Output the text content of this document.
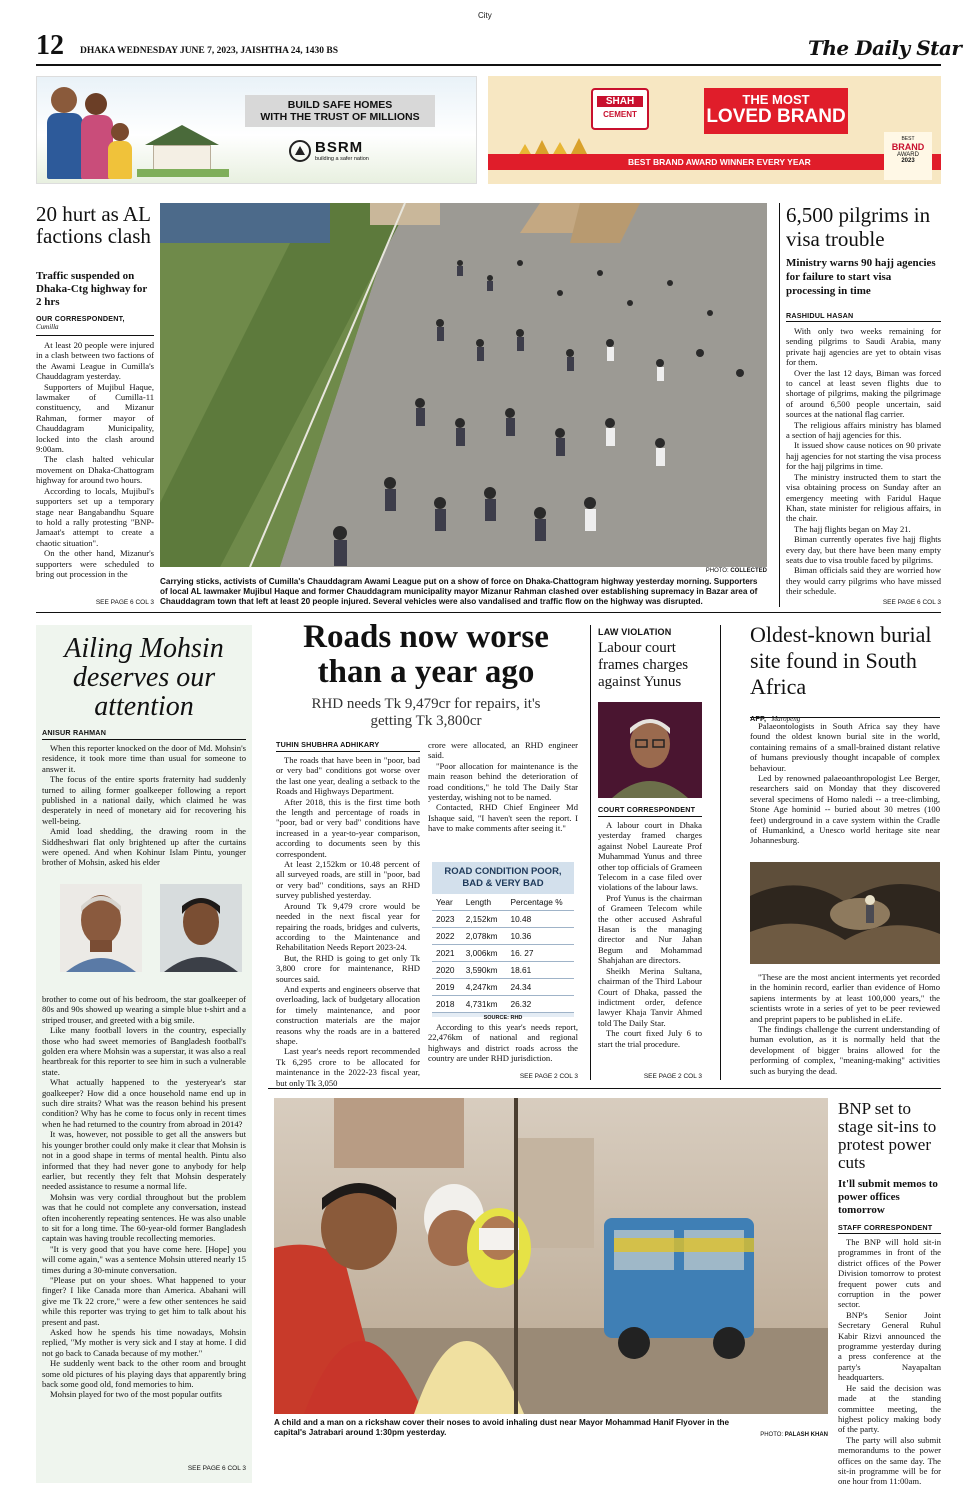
City
12 DHAKA WEDNESDAY JUNE 7, 2023, JAISHTHA 24, 1430 BS	The Daily Star
BUILD SAFE HOMES
WITH THE TRUST OF MILLIONS
BSRM
building a safer nation
SHAH
CEMENT
THE MOST
LOVED BRAND
BEST BRAND AWARD WINNER EVERY YEAR
BEST
BRAND
AWARD
2023
20 hurt as AL factions clash
Traffic suspended on Dhaka-Ctg highway for 2 hrs
OUR CORRESPONDENT,
Cumilla

At least 20 people were injured in a clash between two factions of the Awami League in Cumilla's Chauddagram yesterday.

Supporters of Mujibul Haque, lawmaker of Cumilla-11 constituency, and Mizanur Rahman, former mayor of Chauddagram Municipality, locked into the clash around 9:00am.

The clash halted vehicular movement on Dhaka-Chattogram highway for around two hours.

According to locals, Mujibul's supporters set up a temporary stage near Bangabandhu Square to hold a rally protesting "BNP-Jamaat's attempt to create a chaotic situation".

On the other hand, Mizanur's supporters were scheduled to bring out procession in the

SEE PAGE 6 COL 3
PHOTO: COLLECTED
Carrying sticks, activists of Cumilla's Chauddagram Awami League put on a show of force on Dhaka-Chattogram highway yesterday morning. Supporters of local AL lawmaker Mujibul Haque and former Chauddagram municipality mayor Mizanur Rahman clashed over establishing supremacy in Bazar area of Chauddagram town that left at least 20 people injured. Several vehicles were also vandalised and traffic flow on the highway was disrupted.
6,500 pilgrims in visa trouble
Ministry warns 90 hajj agencies for failure to start visa processing in time
RASHIDUL HASAN

With only two weeks remaining for sending pilgrims to Saudi Arabia, many private hajj agencies are yet to obtain visas for them.

Over the last 12 days, Biman was forced to cancel at least seven flights due to shortage of pilgrims, making the pilgrimage of around 6,500 people uncertain, said sources at the national flag carrier.

The religious affairs ministry has blamed a section of hajj agencies for this.

It issued show cause notices on 90 private hajj agencies for not starting the visa process for the hajj pilgrims in time.

The ministry instructed them to start the visa obtaining process on Sunday after an emergency meeting with Faridul Haque Khan, state minister for religious affairs, in the chair.

The hajj flights began on May 21.

Biman currently operates five hajj flights every day, but there have been many empty seats due to visa trouble faced by pilgrims.

Biman officials said they are worried how they would carry pilgrims who have missed their schedule.

SEE PAGE 6 COL 3
Ailing Mohsin deserves our attention
ANISUR RAHMAN

When this reporter knocked on the door of Md. Mohsin's residence, it took more time than usual for someone to answer it.

The focus of the entire sports fraternity had suddenly turned to ailing former goalkeeper following a report published in a national daily, which claimed he was desperately in need of monetary aid for recovering his well-being.

Amid load shedding, the drawing room in the Siddheshwari flat only brightened up after the curtains were opened. And when Kohinur Islam Pintu, younger brother of Mohsin, asked his elder

brother to come out of his bedroom, the star goalkeeper of 80s and 90s showed up wearing a simple blue t-shirt and a striped trouser, and greeted with a big smile.

Like many football lovers in the country, especially those who had sweet memories of Bangladesh football's golden era where Mohsin was a superstar, it was also a real heartbreak for this reporter to see him in such a vulnerable state.

What actually happened to the yesteryear's star goalkeeper? How did a once household name end up in such dire straits? What was the reason behind his present condition? Why has he come to focus only in recent times when he had returned to the country from abroad in 2014?

It was, however, not possible to get all the answers but his younger brother could only make it clear that Mohsin is not in a good shape in terms of mental health. Pintu also informed that they had never gone to anybody for help earlier, but recently they felt that Mohsin desperately needed assistance to resume a normal life.

Mohsin was very cordial throughout but the problem was that he could not complete any conversation, instead often incoherently repeating sentences. He was also unable to sit for a long time. The 60-year-old former Bangladesh captain was having trouble recollecting memories.

"It is very good that you have come here. [Hope] you will come again," was a sentence Mohsin uttered nearly 15 times during a 30-minute conversation.

"Please put on your shoes. What happened to your finger? I like Canada more than America. Abahani will give me Tk 22 crore," were a few other sentences he said while this reporter was trying to get him to talk about his present and past.

Asked how he spends his time nowadays, Mohsin replied, "My mother is very sick and I stay at home. I did not go back to Canada because of my mother."

He suddenly went back to the other room and brought some old pictures of his playing days that apparently bring back some good old, fond memories to him.

Mohsin played for two of the most popular outfits

SEE PAGE 6 COL 3
Roads now worse than a year ago
RHD needs Tk 9,479cr for repairs, it's getting Tk 3,800cr
TUHIN SHUBHRA ADHIKARY

The roads that have been in "poor, bad or very bad" conditions got worse over the last one year, dealing a setback to the Roads and Highways Department.

After 2018, this is the first time both the length and percentage of roads in "poor, bad or very bad" conditions have increased in a year-to-year comparison, according to documents seen by this correspondent.

At least 2,152km or 10.48 percent of all surveyed roads, are still in "poor, bad or very bad" conditions, says an RHD survey published yesterday.

Around Tk 9,479 crore would be needed in the next fiscal year for repairing the roads, bridges and culverts, according to the Maintenance and Rehabilitation Needs Report 2023-24.

But, the RHD is going to get only Tk 3,800 crore for maintenance, RHD sources said.

And experts and engineers observe that overloading, lack of budgetary allocation for timely maintenance, and poor construction materials are the major reasons why the roads are in a battered shape.

Last year's needs report recommended Tk 6,295 crore to be allocated for maintenance in the 2022-23 fiscal year, but only Tk 3,050

crore were allocated, an RHD engineer said.

"Poor allocation for maintenance is the main reason behind the deterioration of road conditions," he told The Daily Star yesterday, wishing not to be named.

Contacted, RHD Chief Engineer Md Ishaque said, "I haven't seen the report. I have to make comments after seeing it."

ROAD CONDITION POOR,
BAD & VERY BAD
Year	Length	Percentage %
2023	2,152km	10.48
2022	2,078km	10.36
2021	3,006km	16. 27
2020	3,590km	18.61
2019	4,247km	24.34
2018	4,731km	26.32
SOURCE: RHD

According to this year's needs report, 22,476km of national and regional highways and district roads across the country are under RHD jurisdiction.

SEE PAGE 2 COL 3
LAW VIOLATION
Labour court frames charges against Yunus
COURT CORRESPONDENT

A labour court in Dhaka yesterday framed charges against Nobel Laureate Prof Muhammad Yunus and three other top officials of Grameen Telecom in a case filed over violations of the labour laws.

Prof Yunus is the chairman of Grameen Telecom while the other accused Ashraful Hasan is the managing director and Nur Jahan Begum and Mohammad Shahjahan are directors.

Sheikh Merina Sultana, chairman of the Third Labour Court of Dhaka, passed the indictment order, defence lawyer Khaja Tanvir Ahmed told The Daily Star.

The court fixed July 6 to start the trial procedure.

SEE PAGE 2 COL 3
Oldest-known burial site found in South Africa
AFP, Maropeng

Palaeontologists in South Africa say they have found the oldest known burial site in the world, containing remains of a small-brained distant relative of humans previously thought incapable of complex behaviour.

Led by renowned palaeoanthropologist Lee Berger, researchers said on Monday that they discovered several specimens of Homo naledi -- a tree-climbing, Stone Age hominid -- buried about 30 metres (100 feet) underground in a cave system within the Cradle of Humankind, a Unesco world heritage site near Johannesburg.

"These are the most ancient interments yet recorded in the hominin record, earlier than evidence of Homo sapiens interments by at least 100,000 years," the scientists wrote in a series of yet to be peer reviewed and preprint papers to be published in eLife.

The findings challenge the current understanding of human evolution, as it is normally held that the development of bigger brains allowed for the performing of complex, "meaning-making" activities such as burying the dead.

A child and a man on a rickshaw cover their noses to avoid inhaling dust near Mayor Mohammad Hanif Flyover in the capital's Jatrabari around 1:30pm yesterday.	PHOTO: PALASH KHAN
BNP set to stage sit-ins to protest power cuts
It'll submit memos to power offices tomorrow
STAFF CORRESPONDENT

The BNP will hold sit-in programmes in front of the district offices of the Power Division tomorrow to protest frequent power cuts and corruption in the power sector.

BNP's Senior Joint Secretary General Ruhul Kabir Rizvi announced the programme yesterday during a press conference at the party's Nayapaltan headquarters.

He said the decision was made at the standing committee meeting, the highest policy making body of the party.

The party will also submit memorandums to the power offices on the same day. The sit-in programme will be for one hour from 11:00am.
